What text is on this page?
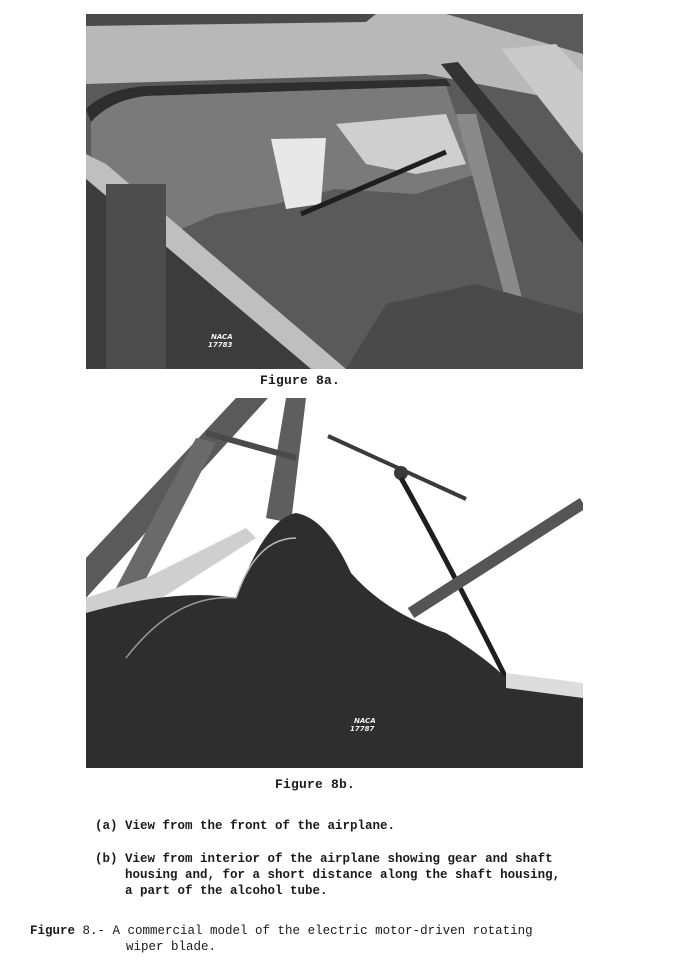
NACA
17783
Figure 8a.
NACA
17787
Figure 8b.
(a) View from the front of the airplane.
(b) View from interior of the airplane showing gear and shaft
housing and, for a short distance along the shaft housing,
a part of the alcohol tube.
Figure 8.- A commercial model of the electric motor-driven rotating
wiper blade.
